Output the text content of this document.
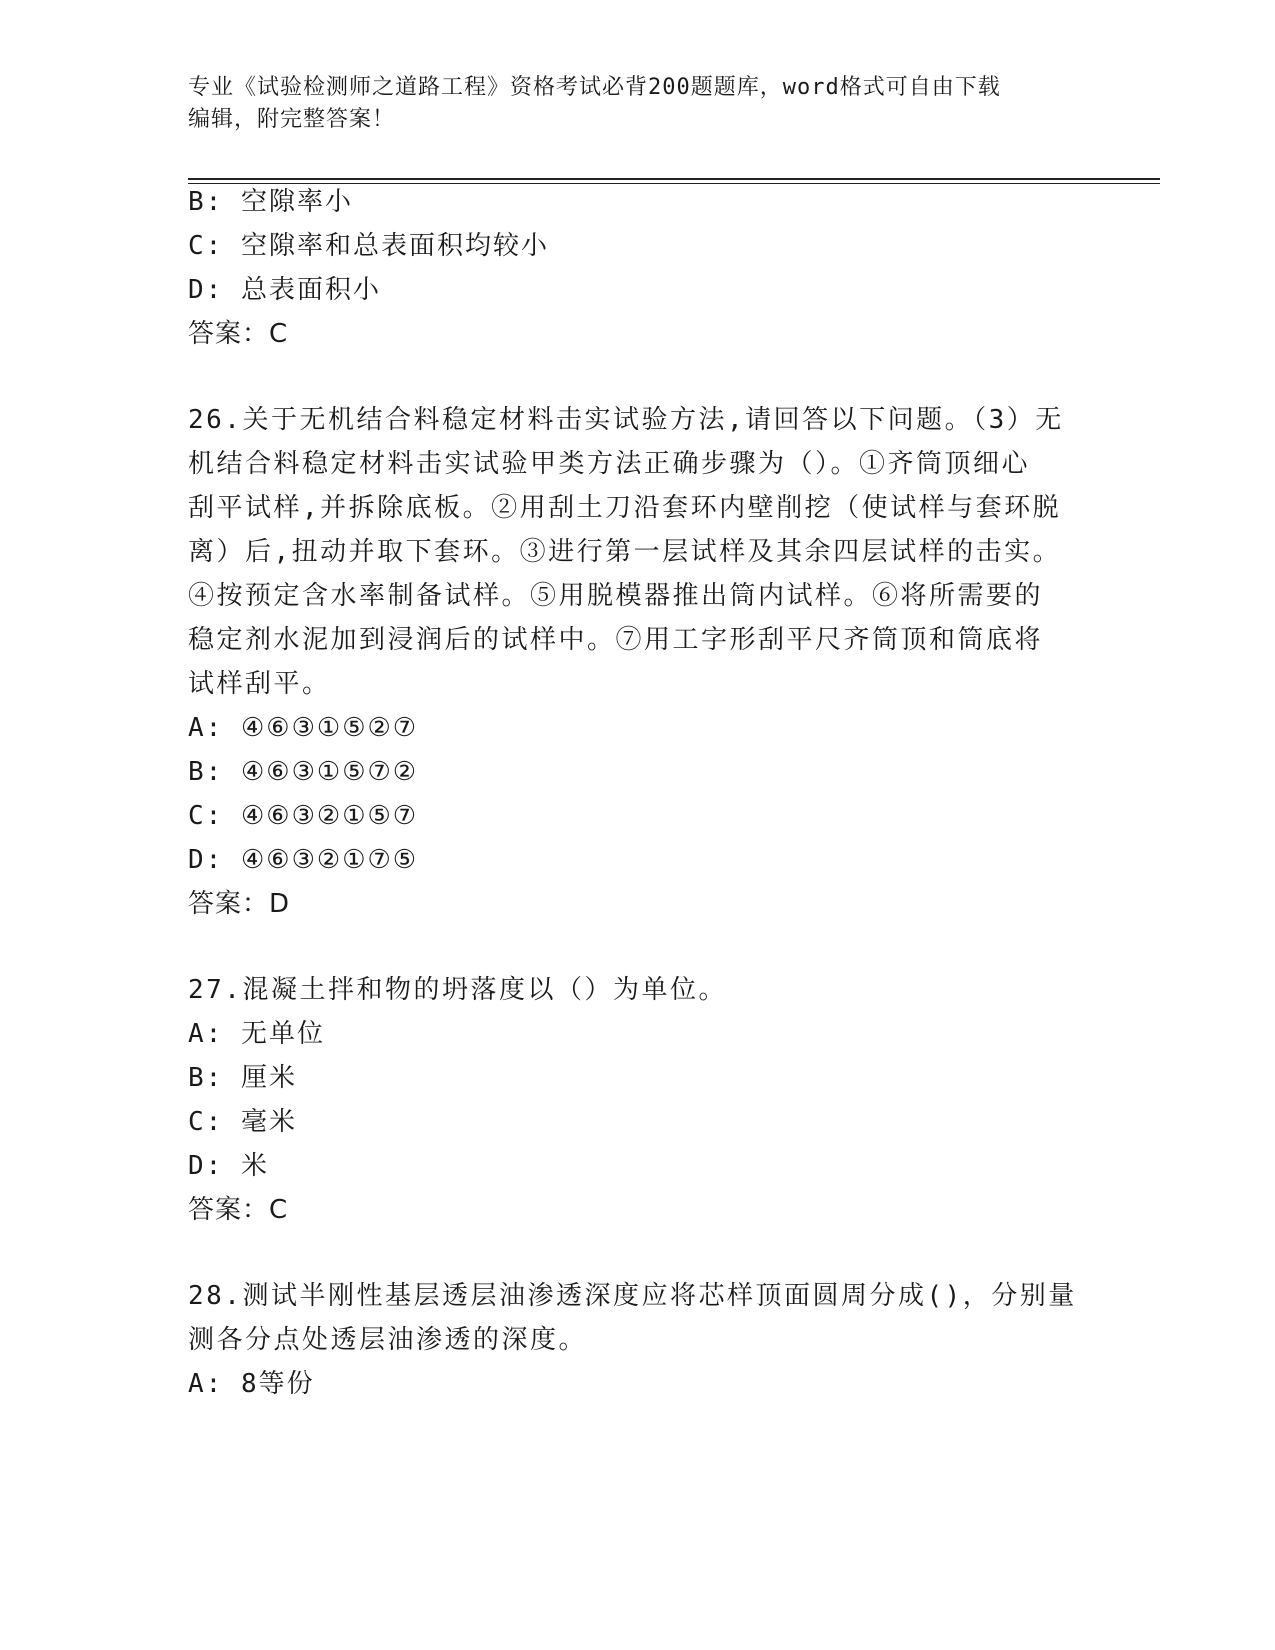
专业《试验检测师之道路工程》资格考试必背200题题库，word格式可自由下载
编辑，附完整答案！
B: 空隙率小
C: 空隙率和总表面积均较小
D: 总表面积小
答案：C
26.关于无机结合料稳定材料击实试验方法,请回答以下问题。（3）无
机结合料稳定材料击实试验甲类方法正确步骤为（）。①齐筒顶细心
刮平试样,并拆除底板。②用刮土刀沿套环内壁削挖（使试样与套环脱
离）后,扭动并取下套环。③进行第一层试样及其余四层试样的击实。
④按预定含水率制备试样。⑤用脱模器推出筒内试样。⑥将所需要的
稳定剂水泥加到浸润后的试样中。⑦用工字形刮平尺齐筒顶和筒底将
试样刮平。
A: ④⑥③①⑤②⑦
B: ④⑥③①⑤⑦②
C: ④⑥③②①⑤⑦
D: ④⑥③②①⑦⑤
答案：D
27.混凝土拌和物的坍落度以（）为单位。
A: 无单位
B: 厘米
C: 毫米
D: 米
答案：C
28.测试半刚性基层透层油渗透深度应将芯样顶面圆周分成()，分别量
测各分点处透层油渗透的深度。
A: 8等份
